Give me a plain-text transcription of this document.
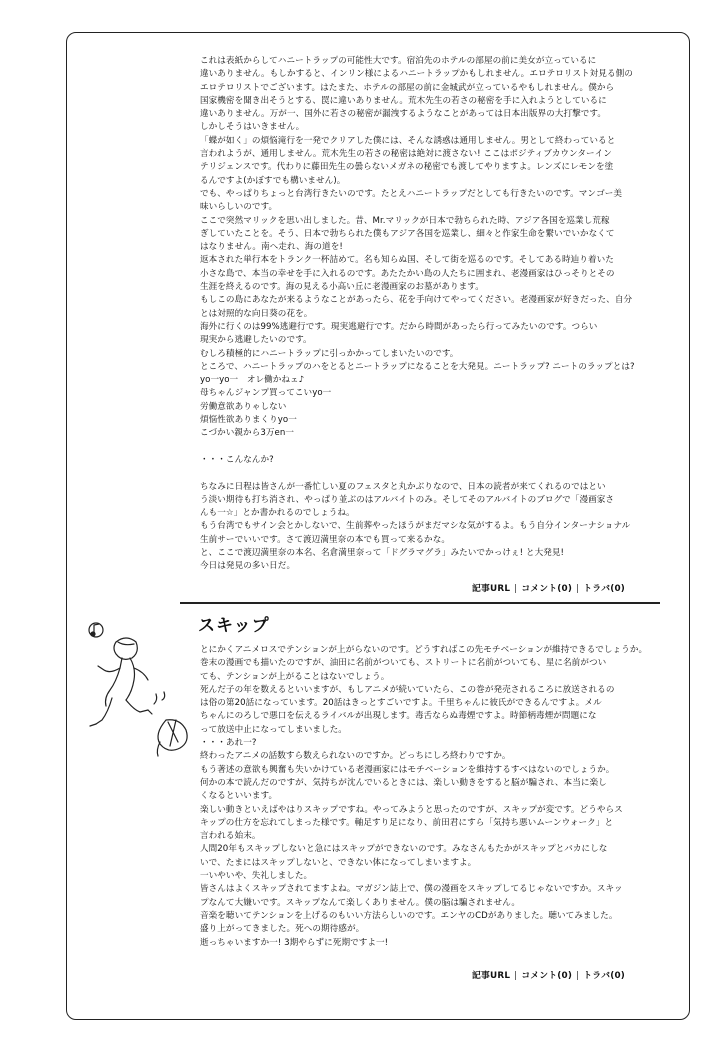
これは表紙からしてハニートラップの可能性大です。宿泊先のホテルの部屋の前に美女が立っているに
違いありません。もしかすると、インリン様によるハニートラップかもしれません。エロテロリスト対見る側の
エロテロリストでございます。はたまた、ホテルの部屋の前に金城武が立っているやもしれません。僕から
国家機密を聞き出そうとする、罠に違いありません。荒木先生の若さの秘密を手に入れようとしているに
違いありません。万が一、国外に若さの秘密が漏洩するようなことがあっては日本出版界の大打撃です。
しかしそうはいきません。
「蝶が如く」の煩悩滝行を一発でクリアした僕には、そんな誘惑は通用しません。男として終わっていると
言われようが、通用しません。荒木先生の若さの秘密は絶対に渡さない! ここはポジティブカウンターイン
テリジェンスです。代わりに藤田先生の曇らないメガネの秘密でも渡してやりますよ。レンズにレモンを塗
るんですよ(かぼすでも構いません)。
でも、やっぱりちょっと台湾行きたいのです。たとえハニートラップだとしても行きたいのです。マンゴー美
味いらしいのです。
ここで突然マリックを思い出しました。昔、Mr.マリックが日本で勃ちられた時、アジア各国を巡業し荒稼
ぎしていたことを。そう、日本で勃ちられた僕もアジア各国を巡業し、細々と作家生命を繋いでいかなくて
はなりません。南へ走れ、海の道を!
返本された単行本をトランク一杯詰めて。名も知らぬ国、そして街を巡るのです。そしてある時辿り着いた
小さな島で、本当の幸せを手に入れるのです。あたたかい島の人たちに囲まれ、老漫画家はひっそりとその
生涯を終えるのです。海の見える小高い丘に老漫画家のお墓があります。
もしこの島にあなたが来るようなことがあったら、花を手向けてやってください。老漫画家が好きだった、自分
とは対照的な向日葵の花を。
海外に行くのは99%逃避行です。現実逃避行です。だから時間があったら行ってみたいのです。つらい
現実から逃避したいのです。
むしろ積極的にハニートラップに引っかかってしまいたいのです。
ところで、ハニートラップのハをとるとニートラップになることを大発見。ニートラップ? ニートのラップとは?
yo一yo一　オレ働かねェ♪
母ちゃんジャンプ買ってこいyo一
労働意欲ありゃしない
煩悩性欲ありまくりyo一
こづかい親から3万en一
・・・こんなんか?
ちなみに日程は皆さんが一番忙しい夏のフェスタと丸かぶりなので、日本の読者が来てくれるのではとい
う淡い期待も打ち消され、やっぱり並ぶのはアルバイトのみ。そしてそのアルバイトのブログで「漫画家さ
んも一☆」とか書かれるのでしょうね。
もう台湾でもサイン会とかしないで、生前葬やったほうがまだマシな気がするよ。もう自分インターナショナル
生前サーでいいです。さて渡辺満里奈の本でも買って来るかな。
と、ここで渡辺満里奈の本名、名倉満里奈って「ドグラマグラ」みたいでかっけぇ! と大発見!
今日は発見の多い日だ。
記事URL | コメント(0) | トラバ(0)
スキップ
とにかくアニメロスでテンションが上がらないのです。どうすればこの先モチベーションが維持できるでしょうか。
巻末の漫画でも描いたのですが、油田に名前がついても、ストリートに名前がついても、星に名前がつい
ても、テンションが上がることはないでしょう。
死んだ子の年を数えるといいますが、もしアニメが続いていたら、この巻が発売されるころに放送されるの
は俗の第20話になっています。20話はきっとすごいですよ。千里ちゃんに彼氏ができるんですよ。メル
ちゃんにのろしで悪口を伝えるライバルが出現します。毒舌ならぬ毒煙ですよ。時節柄毒煙が問題にな
って放送中止になってしまいました。
・・・あれ一?
終わったアニメの話数すら数えられないのですか。どっちにしろ終わりですか。
もう著述の意欲も興奮も失いかけている老漫画家にはモチベーションを維持するすべはないのでしょうか。
何かの本で読んだのですが、気持ちが沈んでいるときには、楽しい動きをすると脳が騙され、本当に楽し
くなるといいます。
楽しい動きといえばやはりスキップですね。やってみようと思ったのですが、スキップが変です。どうやらス
キップの仕方を忘れてしまった様です。軸足すり足になり、前田君にすら「気持ち悪いムーンウォーク」と
言われる始末。
人間20年もスキップしないと急にはスキップができないのです。みなさんもたかがスキップとバカにしな
いで、たまにはスキップしないと、できない体になってしまいますよ。
一いやいや、失礼しました。
皆さんはよくスキップされてますよね。マガジン誌上で、僕の漫画をスキップしてるじゃないですか。スキッ
プなんて大嫌いです。スキップなんて楽しくありません。僕の脳は騙されません。
音楽を聴いてテンションを上げるのもいい方法らしいのです。エンヤのCDがありました。聴いてみました。
盛り上がってきました。死への期待感が。
逝っちゃいますか一! 3期やらずに死期ですよ一!
記事URL | コメント(0) | トラバ(0)
